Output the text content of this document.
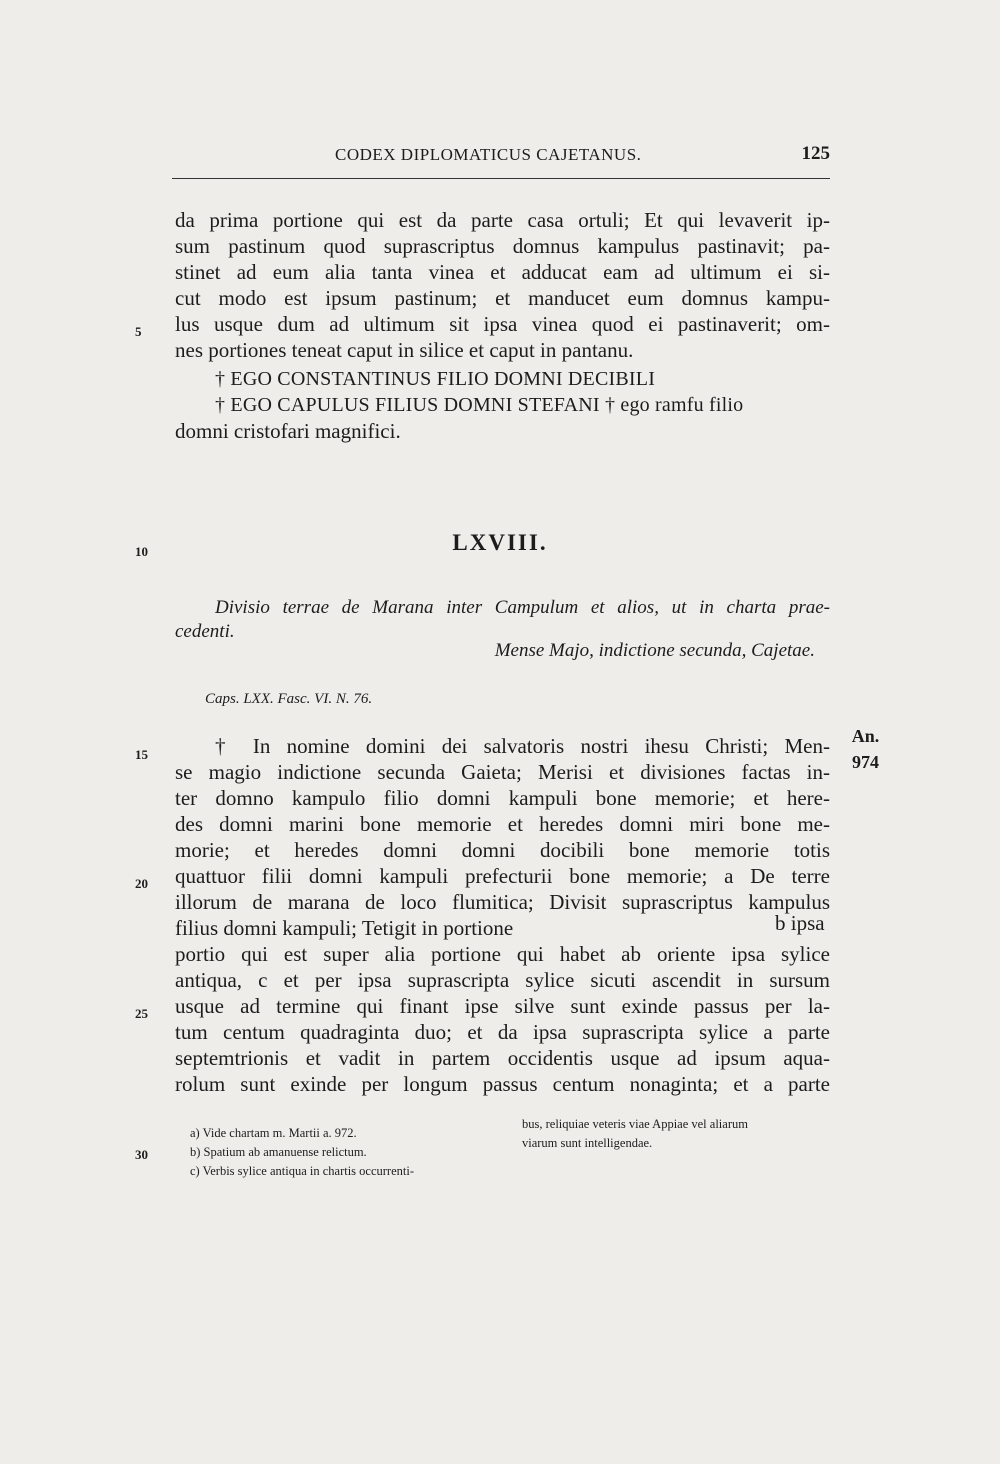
CODEX DIPLOMATICUS CAJETANUS.	125
da prima portione qui est da parte casa ortuli; Et qui levaverit ip-
sum pastinum quod suprascriptus domnus kampulus pastinavit; pa-
stinet ad eum alia tanta vinea et adducat eam ad ultimum ei si-
cut modo est ipsum pastinum; et manducet eum domnus kampu-
lus usque dum ad ultimum sit ipsa vinea quod ei pastinaverit; om-
nes portiones teneat caput in silice et caput in pantanu.
5
† EGO CONSTANTINUS FILIO DOMNI DECIBILI
† EGO CAPULUS FILIUS DOMNI STEFANI † ego ramfu filio
domni cristofari magnifici.
10	LXVIII.
Divisio terrae de Marana inter Campulum et alios, ut in charta prae-
cedenti.
Mense Majo, indictione secunda, Cajetae.
Caps. LXX. Fasc. VI. N. 76.
An.
974
† In nomine domini dei salvatoris nostri ihesu Christi; Men-
15
se magio indictione secunda Gaieta; Merisi et divisiones factas in-
ter domno kampulo filio domni kampuli bone memorie; et here-
des domni marini bone memorie et heredes domni miri bone me-
morie; et heredes domni domni docibili bone memorie totis
quattuor filii domni kampuli prefecturii bone memorie; a De terre
20
illorum de marana de loco flumitica; Divisit suprascriptus kampulus
filius domni kampuli; Tetigit in portione	b ipsa
portio qui est super alia portione qui habet ab oriente ipsa sylice
antiqua, c et per ipsa suprascripta sylice sicuti ascendit in sursum
usque ad termine qui finant ipse silve sunt exinde passus per la-
25
tum centum quadraginta duo; et da ipsa suprascripta sylice a parte
septemtrionis et vadit in partem occidentis usque ad ipsum aqua-
rolum sunt exinde per longum passus centum nonaginta; et a parte
a) Vide chartam m. Martii a. 972.
b) Spatium ab amanuense relictum.
c) Verbis sylice antiqua in chartis occurrenti-
30
bus, reliquiae veteris viae Appiae vel aliarum
viarum sunt intelligendae.
